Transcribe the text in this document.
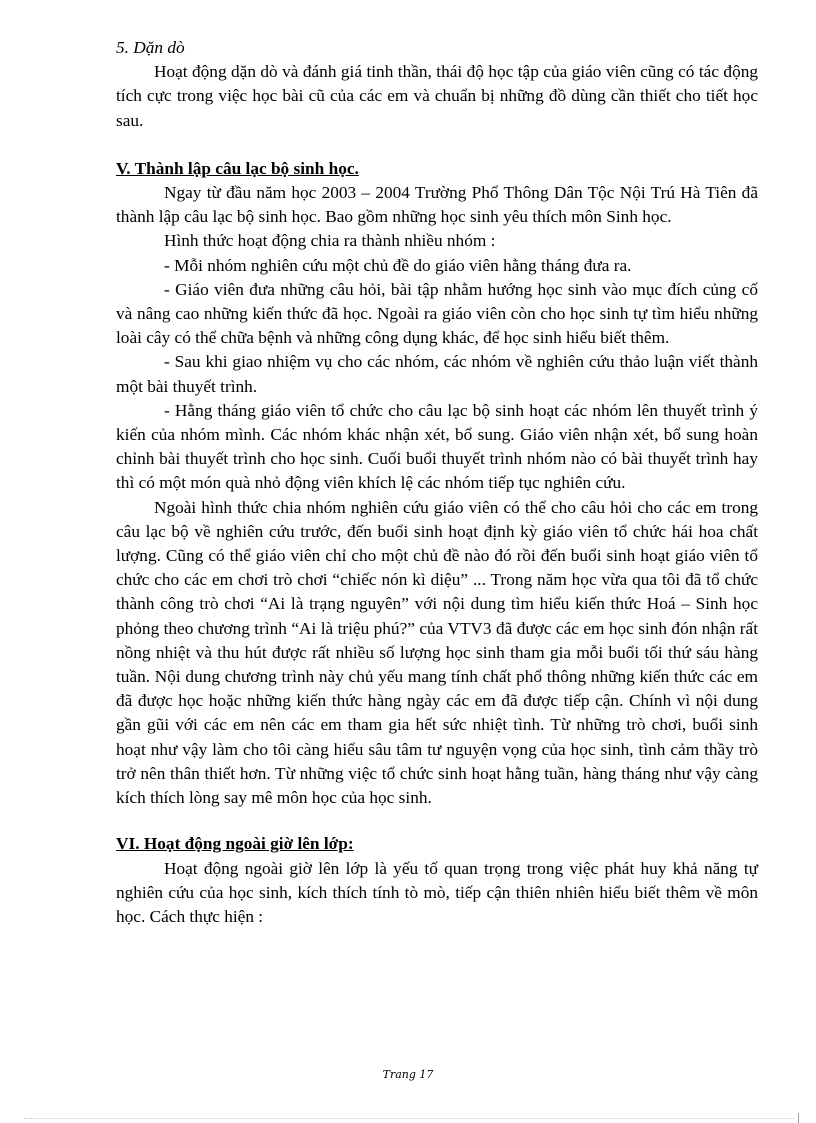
5. Dặn dò

Hoạt động dặn dò và đánh giá tinh thần, thái độ học tập của giáo viên cũng có tác động tích cực trong việc học bài cũ của các em và chuẩn bị những đồ dùng cần thiết cho tiết học sau.

V. Thành lập câu lạc bộ sinh học.

Ngay từ đầu năm học 2003 – 2004 Trường Phổ Thông Dân Tộc Nội Trú Hà Tiên đã thành lập câu lạc bộ sinh học. Bao gồm những học sinh yêu thích môn Sinh học.

Hình thức hoạt động chia ra thành nhiều nhóm :

- Mỗi nhóm nghiên cứu một chủ đề do giáo viên hằng tháng đưa ra.

- Giáo viên đưa những câu hỏi, bài tập nhằm hướng học sinh vào mục đích củng cố và nâng cao những kiến thức đã học. Ngoài ra giáo viên còn cho học sinh tự tìm hiểu những loài cây có thể chữa bệnh và những công dụng khác, để học sinh hiểu biết thêm.

- Sau khi giao nhiệm vụ cho các nhóm, các nhóm về nghiên cứu thảo luận viết thành một bài thuyết trình.

- Hằng tháng giáo viên tổ chức cho câu lạc bộ sinh hoạt các nhóm lên thuyết trình ý kiến của nhóm mình. Các nhóm khác nhận xét, bổ sung. Giáo viên nhận xét, bổ sung hoàn chỉnh bài thuyết trình cho học sinh. Cuối buổi thuyết trình nhóm nào có bài thuyết trình hay thì có một món quà nhỏ động viên khích lệ các nhóm tiếp tục nghiên cứu.

Ngoài hình thức chia nhóm nghiên cứu giáo viên có thể cho câu hỏi cho các em trong câu lạc bộ về nghiên cứu trước, đến buổi sinh hoạt định kỳ giáo viên tổ chức hái hoa chất lượng. Cũng có thể giáo viên chỉ cho một chủ đề nào đó rồi đến buổi sinh hoạt giáo viên tổ chức cho các em chơi trò chơi “chiếc nón kì diệu” ... Trong năm học vừa qua tôi đã tổ chức thành công trò chơi “Ai là trạng nguyên” với nội dung tìm hiểu kiến thức Hoá – Sinh học phỏng theo chương trình “Ai là triệu phú?” của VTV3 đã được các em học sinh đón nhận rất nồng nhiệt và thu hút được rất nhiều số lượng học sinh tham gia mỗi buổi tối thứ sáu hàng tuần. Nội dung chương trình này chủ yếu mang tính chất phổ thông những kiến thức các em đã được học hoặc những kiến thức hàng ngày các em đã được tiếp cận. Chính vì nội dung gần gũi với các em nên các em tham gia hết sức nhiệt tình. Từ những trò chơi, buổi sinh hoạt như vậy làm cho tôi càng hiểu sâu tâm tư nguyện vọng của học sinh, tình cảm thầy trò trở nên thân thiết hơn. Từ những việc tổ chức sinh hoạt hằng tuần, hàng tháng như vậy càng kích thích lòng say mê môn học của học sinh.

VI. Hoạt động ngoài giờ lên lớp:

Hoạt động ngoài giờ lên lớp là yếu tố quan trọng trong việc phát huy khả năng tự nghiên cứu của học sinh, kích thích tính tò mò, tiếp cận thiên nhiên hiểu biết thêm về môn học. Cách thực hiện :

Trang 17
